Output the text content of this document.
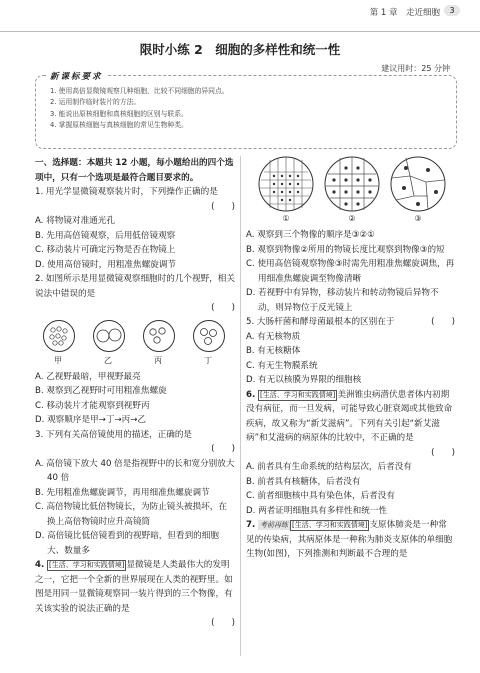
第 1 章　走近细胞	3
限时小练 2　细胞的多样性和统一性
建议用时：25 分钟
新课标要求
1. 使用高倍显微镜观察几种细胞，比较不同细胞的异同点。
2. 运用制作临时装片的方法。
3. 能说出原核细胞和真核细胞的区别与联系。
4. 掌握原核细胞与真核细胞的常见生物种类。

一、选择题：本题共 12 小题，每小题给出的四个选项中，只有一个选项是最符合题目要求的。

1. 用光学显微镜观察装片时，下列操作正确的是

(　　)

A. 将物镜对准通光孔

B. 先用高倍镜观察，后用低倍镜观察

C. 移动装片可确定污物是否在物镜上

D. 使用高倍镜时，用粗准焦螺旋调节

2. 如图所示是用显微镜观察细胞时的几个视野，相关说法中错误的是

(　　)

甲	乙	丙	丁

A. 乙视野最暗，甲视野最亮

B. 观察到乙视野时可用粗准焦螺旋

C. 移动装片才能观察到视野丙

D. 观察顺序是甲→丁→丙→乙

3. 下列有关高倍镜使用的描述，正确的是

(　　)

A. 高倍镜下放大 40 倍是指视野中的长和宽分别放大 40 倍

B. 先用粗准焦螺旋调节，再用细准焦螺旋调节

C. 高倍物镜比低倍物镜长，为防止镜头被损坏，在换上高倍物镜时应升高镜筒

D. 高倍镜比低倍镜看到的视野暗，但看到的细胞大、数量多

4. [生活、学习和实践情境] 显微镜是人类最伟大的发明之一，它把一个全新的世界展现在人类的视野里。如图是用同一显微镜观察同一装片得到的三个物像，有关该实验的说法正确的是

(　　)

①	②	③

A. 观察到三个物像的顺序是③②①

B. 观察到物像②所用的物镜长度比观察到物像③的短

C. 使用高倍镜观察物像③时需先用粗准焦螺旋调焦，再用细准焦螺旋调至物像清晰

D. 若视野中有异物，移动装片和转动物镜后异物不动，则异物位于反光镜上

5. 大肠杆菌和酵母菌最根本的区别在于	(　　)

A. 有无核物质

B. 有无核糖体

C. 有无生物膜系统

D. 有无以核膜为界限的细胞核

6. [生活、学习和实践情境] 美洲锥虫病潜伏患者体内初期没有病征，而一旦发病，可能导致心脏衰竭或其他致命疾病，故又称为“新艾滋病”。下列有关引起“新艾滋病”和艾滋病的病原体的比较中，不正确的是

(　　)

A. 前者具有生命系统的结构层次，后者没有

B. 前者具有核糖体，后者没有

C. 前者细胞核中具有染色体，后者没有

D. 两者证明细胞具有多样性和统一性

7. 考前再练 [生活、学习和实践情境] 支原体肺炎是一种常见的传染病，其病原体是一种称为肺炎支原体的单细胞生物(如图)，下列推测和判断最不合理的是
